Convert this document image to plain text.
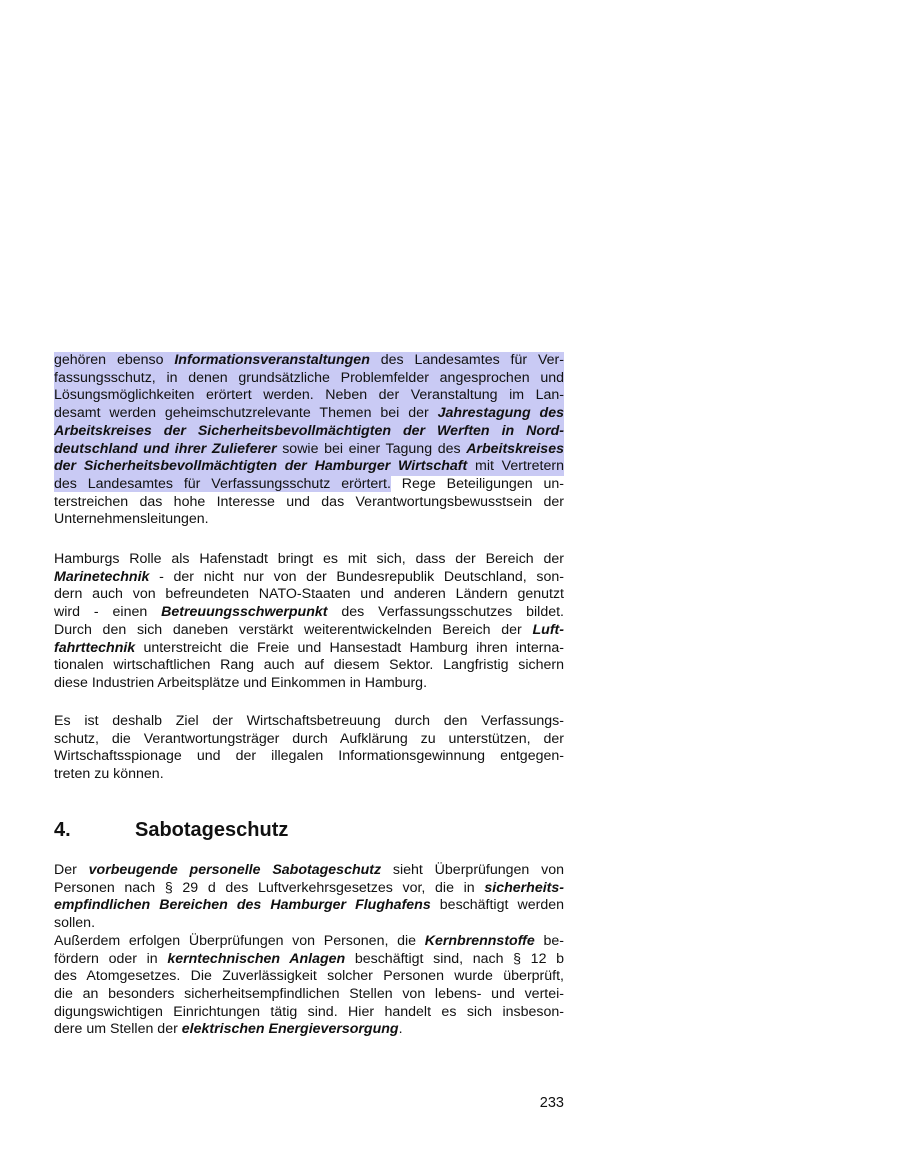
gehören ebenso Informationsveranstaltungen des Landesamtes für Ver-
fassungsschutz, in denen grundsätzliche Problemfelder angesprochen und
Lösungsmöglichkeiten erörtert werden. Neben der Veranstaltung im Lan-
desamt werden geheimschutzrelevante Themen bei der Jahrestagung des
Arbeitskreises der Sicherheitsbevollmächtigten der Werften in Nord-
deutschland und ihrer Zulieferer sowie bei einer Tagung des Arbeitskreises
der Sicherheitsbevollmächtigten der Hamburger Wirtschaft mit Vertretern
des Landesamtes für Verfassungsschutz erörtert. Rege Beteiligungen un-
terstreichen das hohe Interesse und das Verantwortungsbewusstsein der
Unternehmensleitungen.

Hamburgs Rolle als Hafenstadt bringt es mit sich, dass der Bereich der
Marinetechnik - der nicht nur von der Bundesrepublik Deutschland, son-
dern auch von befreundeten NATO-Staaten und anderen Ländern genutzt
wird - einen Betreuungsschwerpunkt des Verfassungsschutzes bildet.
Durch den sich daneben verstärkt weiterentwickelnden Bereich der Luft-
fahrttechnik unterstreicht die Freie und Hansestadt Hamburg ihren interna-
tionalen wirtschaftlichen Rang auch auf diesem Sektor. Langfristig sichern
diese Industrien Arbeitsplätze und Einkommen in Hamburg.

Es ist deshalb Ziel der Wirtschaftsbetreuung durch den Verfassungs-
schutz, die Verantwortungsträger durch Aufklärung zu unterstützen, der
Wirtschaftsspionage und der illegalen Informationsgewinnung entgegen-
treten zu können.

4.	Sabotageschutz

Der vorbeugende personelle Sabotageschutz sieht Überprüfungen von
Personen nach § 29 d des Luftverkehrsgesetzes vor, die in sicherheits-
empfindlichen Bereichen des Hamburger Flughafens beschäftigt werden
sollen.
Außerdem erfolgen Überprüfungen von Personen, die Kernbrennstoffe be-
fördern oder in kerntechnischen Anlagen beschäftigt sind, nach § 12 b
des Atomgesetzes. Die Zuverlässigkeit solcher Personen wurde überprüft,
die an besonders sicherheitsempfindlichen Stellen von lebens- und vertei-
digungswichtigen Einrichtungen tätig sind. Hier handelt es sich insbeson-
dere um Stellen der elektrischen Energieversorgung.

233
